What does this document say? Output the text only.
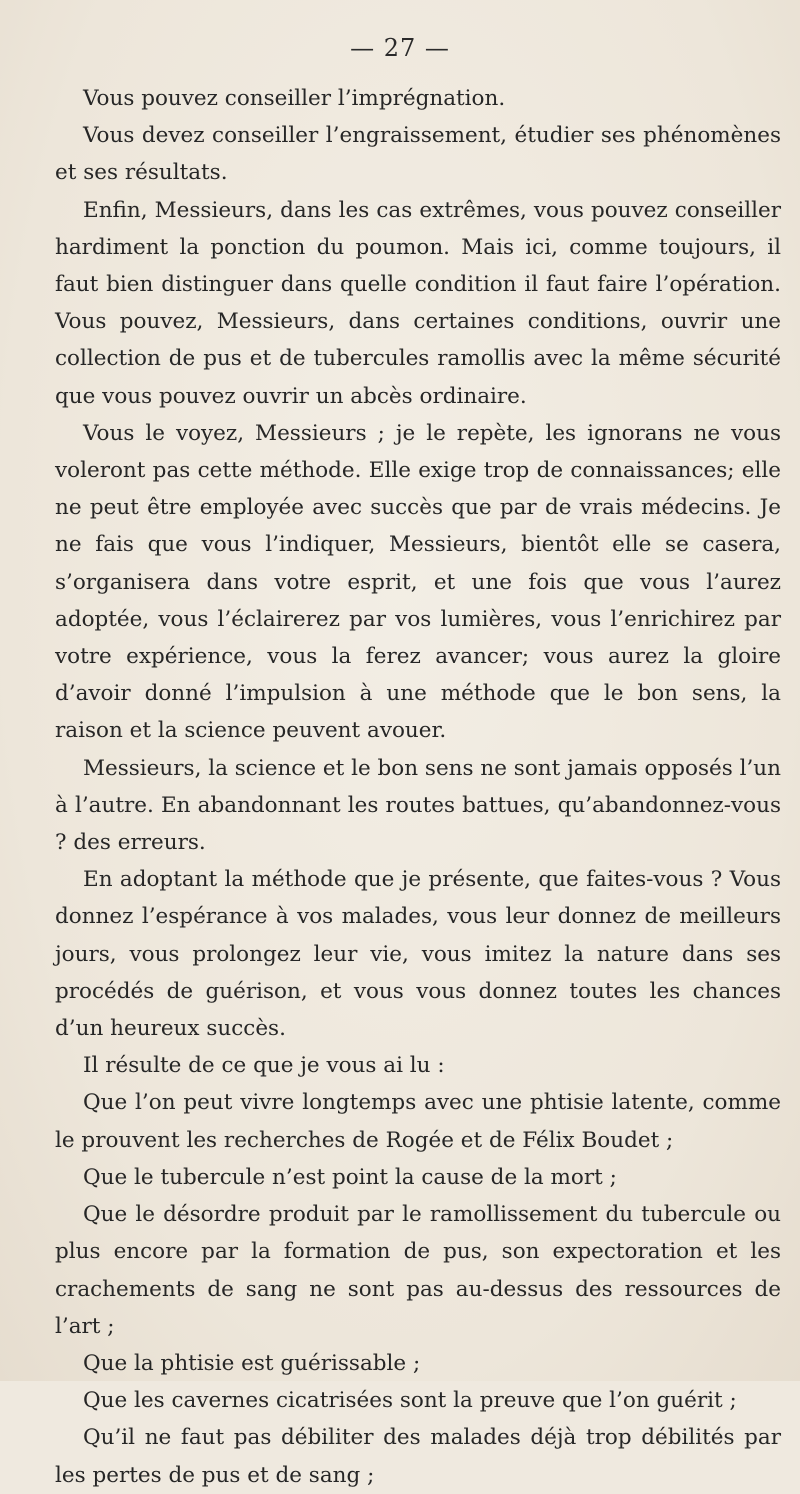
— 27 —

Vous pouvez conseiller l’imprégnation.

Vous devez conseiller l’engraissement, étudier ses phénomènes et ses résultats.

Enfin, Messieurs, dans les cas extrêmes, vous pouvez conseiller hardiment la ponction du poumon. Mais ici, comme toujours, il faut bien distinguer dans quelle condition il faut faire l’opération. Vous pouvez, Messieurs, dans certaines conditions, ouvrir une collection de pus et de tubercules ramollis avec la même sécurité que vous pouvez ouvrir un abcès ordinaire.

Vous le voyez, Messieurs ; je le repète, les ignorans ne vous voleront pas cette méthode. Elle exige trop de connaissances; elle ne peut être employée avec succès que par de vrais médecins. Je ne fais que vous l’indiquer, Messieurs, bientôt elle se casera, s’organisera dans votre esprit, et une fois que vous l’aurez adoptée, vous l’éclairerez par vos lumières, vous l’enrichirez par votre expérience, vous la ferez avancer; vous aurez la gloire d’avoir donné l’impulsion à une méthode que le bon sens, la raison et la science peuvent avouer.

Messieurs, la science et le bon sens ne sont jamais opposés l’un à l’autre. En abandonnant les routes battues, qu’abandonnez-vous ? des erreurs.

En adoptant la méthode que je présente, que faites-vous ? Vous donnez l’espérance à vos malades, vous leur donnez de meilleurs jours, vous prolongez leur vie, vous imitez la nature dans ses procédés de guérison, et vous vous donnez toutes les chances d’un heureux succès.

Il résulte de ce que je vous ai lu :

Que l’on peut vivre longtemps avec une phtisie latente, comme le prouvent les recherches de Rogée et de Félix Boudet ;

Que le tubercule n’est point la cause de la mort ;

Que le désordre produit par le ramollissement du tubercule ou plus encore par la formation de pus, son expectoration et les crachements de sang ne sont pas au-dessus des ressources de l’art ;

Que la phtisie est guérissable ;

Que les cavernes cicatrisées sont la preuve que l’on guérit ;

Qu’il ne faut pas débiliter des malades déjà trop débilités par les pertes de pus et de sang ;
